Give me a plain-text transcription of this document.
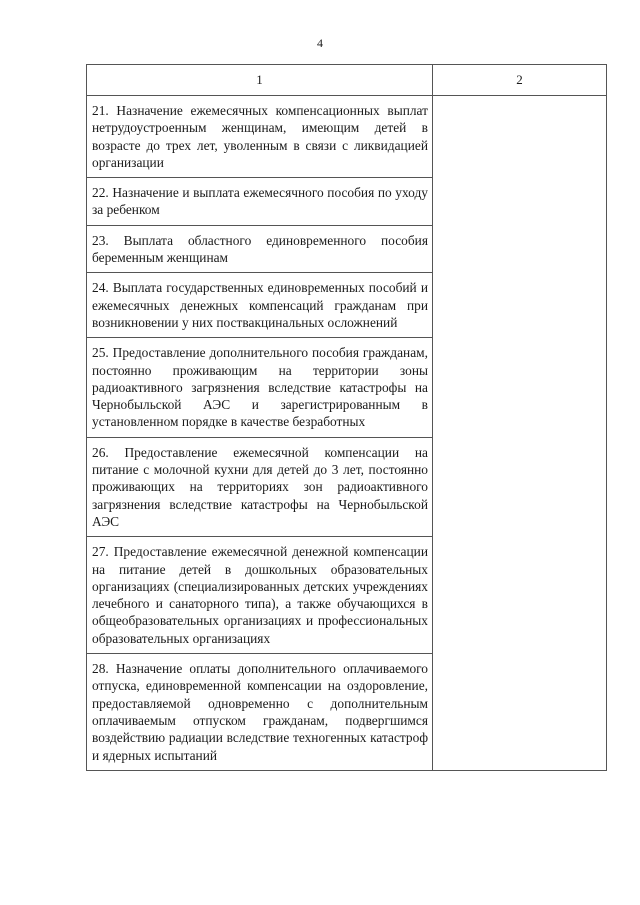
4
1	2
21. Назначение ежемесячных компенсационных выплат нетрудоустроенным женщинам, имеющим детей в возрасте до трех лет, уволенным в связи с ликвидацией организации	
22. Назначение и выплата ежемесячного пособия по уходу за ребенком	
23. Выплата областного единовременного пособия беременным женщинам	
24. Выплата государственных единовременных пособий и ежемесячных денежных компенсаций гражданам при возникновении у них поствакцинальных осложнений	
25. Предоставление дополнительного пособия гражданам, постоянно проживающим на территории зоны радиоактивного загрязнения вследствие катастрофы на Чернобыльской АЭС и зарегистрированным в установленном порядке в качестве безработных	
26. Предоставление ежемесячной компенсации на питание с молочной кухни для детей до 3 лет, постоянно проживающих на территориях зон радиоактивного загрязнения вследствие катастрофы на Чернобыльской АЭС	
27. Предоставление ежемесячной денежной компенсации на питание детей в дошкольных образовательных организациях (специализированных детских учреждениях лечебного и санаторного типа), а также обучающихся в общеобразовательных организациях и профессиональных образовательных организациях	
28. Назначение оплаты дополнительного оплачиваемого отпуска, единовременной компенсации на оздоровление, предоставляемой одновременно с дополнительным оплачиваемым отпуском гражданам, подвергшимся воздействию радиации вследствие техногенных катастроф и ядерных испытаний	
